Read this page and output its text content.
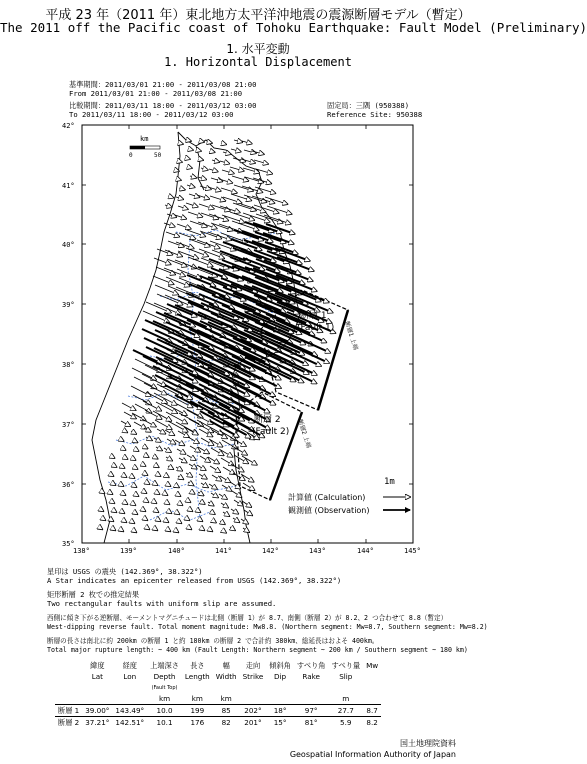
平成 23 年（2011 年）東北地方太平洋沖地震の震源断層モデル（暫定）
The 2011 off the Pacific coast of Tohoku Earthquake: Fault Model (Preliminary)
1. 水平変動
1. Horizontal Displacement
基準期間：2011/03/01 21:00 - 2011/03/08 21:00
From 2011/03/01 21:00 - 2011/03/08 21:00
比較期間：2011/03/11 18:00 - 2011/03/12 03:00
To 2011/03/11 18:00 - 2011/03/12 03:00
固定局：三隅 (950388)
Reference Site: 950388
42°
41°
40°
39°
38°
37°
36°
35°
138°	139°	140°	141°	142°	143°	144°	145°
断層1 上端
断層2 上端
断層 1
(Fault 1)
断層 2
(Fault 2)
km
0	50
1m
計算値 (Calculation)
観測値 (Observation)
星印は USGS の震央 (142.369°, 38.322°)
A Star indicates an epicenter released from USGS (142.369°, 38.322°)
矩形断層 2 枚での推定結果
Two rectangular faults with uniform slip are assumed.
西側に傾き下がる逆断層、モーメントマグニチュードは北側（断層 1）が 8.7、南側（断層 2）が 8.2、2 つ合わせて 8.8（暫定）
West-dipping reverse fault. Total moment magnitude: Mw8.8. (Northern segment: Mw=8.7, Southern segment: Mw=8.2)
断層の長さは南北に約 200km の断層 1 と約 180km の断層 2 で合計約 380km、総延長はおよそ 400km。
Total major rupture length: ~ 400 km (Fault Length: Northern segment ~ 200 km / Southern segment ~ 180 km)
	緯度	経度	上端深さ	長さ	幅	走向	傾斜角	すべり角	すべり量	Mw
	Lat	Lon	Depth	Length	Width	Strike	Dip	Rake	Slip	
			(Fault Top)							
			km	km	km				m	
断層 1	39.00°	143.49°	10.0	199	85	202°	18°	97°	27.7	8.7
断層 2	37.21°	142.51°	10.1	176	82	201°	15°	81°	5.9	8.2
国土地理院資料
Geospatial Information Authority of Japan
